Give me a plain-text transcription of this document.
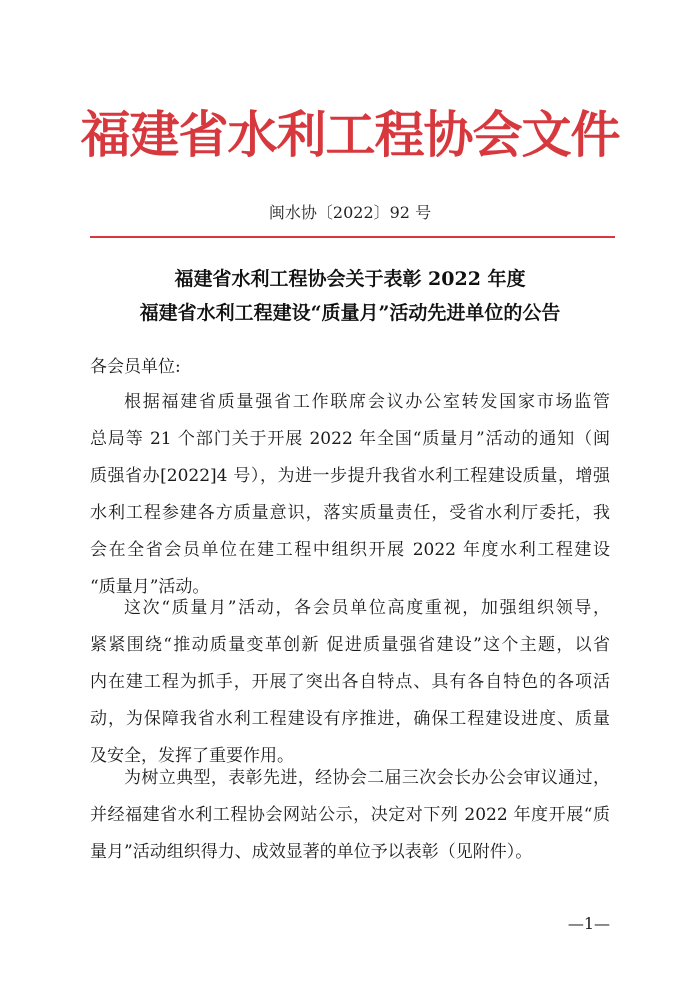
福建省水利工程协会文件
闽水协〔2022〕92 号
福建省水利工程协会关于表彰 2022 年度
福建省水利工程建设“质量月”活动先进单位的公告
各会员单位:
根据福建省质量强省工作联席会议办公室转发国家市场监管
总局等 21 个部门关于开展 2022 年全国“质量月”活动的通知（闽
质强省办[2022]4 号），为进一步提升我省水利工程建设质量，增强
水利工程参建各方质量意识，落实质量责任，受省水利厅委托，我
会在全省会员单位在建工程中组织开展 2022 年度水利工程建设
“质量月”活动。
这次“质量月”活动，各会员单位高度重视，加强组织领导，
紧紧围绕“推动质量变革创新 促进质量强省建设”这个主题，以省
内在建工程为抓手，开展了突出各自特点、具有各自特色的各项活
动，为保障我省水利工程建设有序推进，确保工程建设进度、质量
及安全，发挥了重要作用。
为树立典型，表彰先进，经协会二届三次会长办公会审议通过，
并经福建省水利工程协会网站公示，决定对下列 2022 年度开展“质
量月”活动组织得力、成效显著的单位予以表彰（见附件）。
—1—
